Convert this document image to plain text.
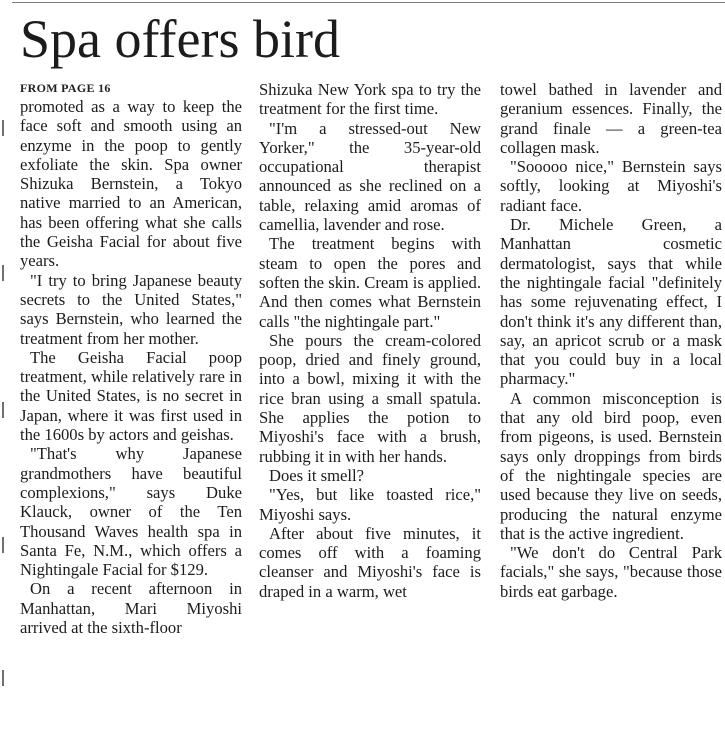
Spa offers bird
FROM PAGE 16

promoted as a way to keep the face soft and smooth using an enzyme in the poop to gently exfoliate the skin. Spa owner Shizuka Bernstein, a Tokyo native married to an American, has been offering what she calls the Geisha Facial for about five years.

"I try to bring Japanese beauty secrets to the United States," says Bernstein, who learned the treatment from her mother.

The Geisha Facial poop treatment, while relatively rare in the United States, is no secret in Japan, where it was first used in the 1600s by actors and geishas.

"That's why Japanese grandmothers have beautiful complexions," says Duke Klauck, owner of the Ten Thousand Waves health spa in Santa Fe, N.M., which offers a Nightingale Facial for $129.

On a recent afternoon in Manhattan, Mari Miyoshi arrived at the sixth-floor

Shizuka New York spa to try the treatment for the first time.

"I'm a stressed-out New Yorker," the 35-year-old occupational therapist announced as she reclined on a table, relaxing amid aromas of camellia, lavender and rose.

The treatment begins with steam to open the pores and soften the skin. Cream is applied. And then comes what Bernstein calls "the nightingale part."

She pours the cream-colored poop, dried and finely ground, into a bowl, mixing it with the rice bran using a small spatula. She applies the potion to Miyoshi's face with a brush, rubbing it in with her hands.

Does it smell?

"Yes, but like toasted rice," Miyoshi says.

After about five minutes, it comes off with a foaming cleanser and Miyoshi's face is draped in a warm, wet

towel bathed in lavender and geranium essences. Finally, the grand finale — a green-tea collagen mask.

"Sooooo nice," Bernstein says softly, looking at Miyoshi's radiant face.

Dr. Michele Green, a Manhattan cosmetic dermatologist, says that while the nightingale facial "definitely has some rejuvenating effect, I don't think it's any different than, say, an apricot scrub or a mask that you could buy in a local pharmacy."

A common misconception is that any old bird poop, even from pigeons, is used. Bernstein says only droppings from birds of the nightingale species are used because they live on seeds, producing the natural enzyme that is the active ingredient.

"We don't do Central Park facials," she says, "because those birds eat garbage.
